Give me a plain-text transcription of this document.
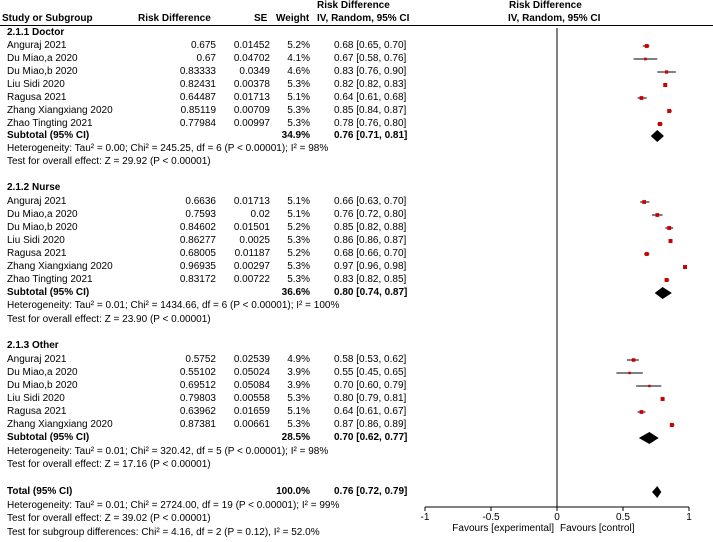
Risk Difference	Risk Difference
Study or Subgroup	Risk Difference	SE Weight IV, Random, 95% CI	IV, Random, 95% CI
2.1.1 Doctor
Anguraj 2021	0.675	0.01452	5.2% 0.68 [0.65, 0.70]
Du Miao,a 2020	0.67	0.04702	4.1% 0.67 [0.58, 0.76]
Du Miao,b 2020	0.83333	0.0349	4.6% 0.83 [0.76, 0.90]
Liu Sidi 2020	0.82431	0.00378	5.3% 0.82 [0.82, 0.83]
Ragusa 2021	0.64487	0.01713	5.1% 0.64 [0.61, 0.68]
Zhang Xiangxiang 2020	0.85119	0.00709	5.3% 0.85 [0.84, 0.87]
Zhao Tingting 2021	0.77984	0.00997	5.3% 0.78 [0.76, 0.80]
Subtotal (95% CI)	34.9% 0.76 [0.71, 0.81]
Heterogeneity: Tau² = 0.00; Chi² = 245.25, df = 6 (P < 0.00001); I² = 98%
Test for overall effect: Z = 29.92 (P < 0.00001)
2.1.2 Nurse
Anguraj 2021	0.6636	0.01713	5.1% 0.66 [0.63, 0.70]
Du Miao,a 2020	0.7593	0.02	5.1% 0.76 [0.72, 0.80]
Du Miao,b 2020	0.84602	0.01501	5.2% 0.85 [0.82, 0.88]
Liu Sidi 2020	0.86277	0.0025	5.3% 0.86 [0.86, 0.87]
Ragusa 2021	0.68005	0.01187	5.2% 0.68 [0.66, 0.70]
Zhang Xiangxiang 2020	0.96935	0.00297	5.3% 0.97 [0.96, 0.98]
Zhao Tingting 2021	0.83172	0.00722	5.3% 0.83 [0.82, 0.85]
Subtotal (95% CI)	36.6% 0.80 [0.74, 0.87]
Heterogeneity: Tau² = 0.01; Chi² = 1434.66, df = 6 (P < 0.00001); I² = 100%
Test for overall effect: Z = 23.90 (P < 0.00001)
2.1.3 Other
Anguraj 2021	0.5752	0.02539	4.9% 0.58 [0.53, 0.62]
Du Miao,a 2020	0.55102	0.05024	3.9% 0.55 [0.45, 0.65]
Du Miao,b 2020	0.69512	0.05084	3.9% 0.70 [0.60, 0.79]
Liu Sidi 2020	0.79803	0.00558	5.3% 0.80 [0.79, 0.81]
Ragusa 2021	0.63962	0.01659	5.1% 0.64 [0.61, 0.67]
Zhang Xiangxiang 2020	0.87381	0.00661	5.3% 0.87 [0.86, 0.89]
Subtotal (95% CI)	28.5% 0.70 [0.62, 0.77]
Heterogeneity: Tau² = 0.01; Chi² = 320.42, df = 5 (P < 0.00001); I² = 98%
Test for overall effect: Z = 17.16 (P < 0.00001)
Total (95% CI)	100.0% 0.76 [0.72, 0.79]
Heterogeneity: Tau² = 0.01; Chi² = 2724.00, df = 19 (P < 0.00001); I² = 99%
Test for overall effect: Z = 39.02 (P < 0.00001)
Test for subgroup differences: Chi² = 4.16, df = 2 (P = 0.12), I² = 52.0%
-1	-0.5	0	0.5	1
Favours [experimental] Favours [control]
